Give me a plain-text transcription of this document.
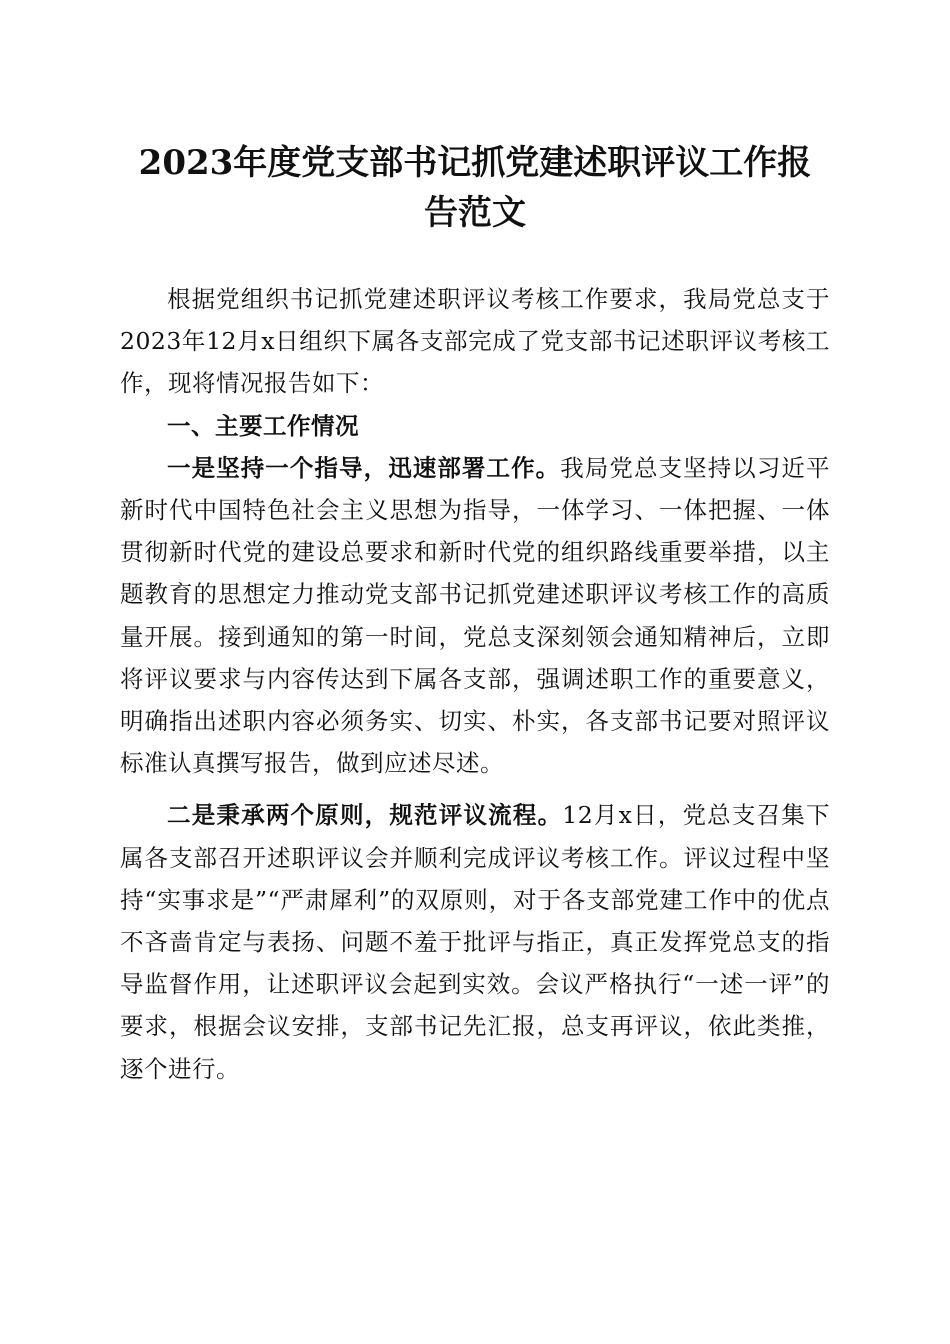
2023年度党支部书记抓党建述职评议工作报
告范文

根据党组织书记抓党建述职评议考核工作要求，我局党总支于2023年12月x日组织下属各支部完成了党支部书记述职评议考核工作，现将情况报告如下：

一、主要工作情况

一是坚持一个指导，迅速部署工作。我局党总支坚持以习近平新时代中国特色社会主义思想为指导，一体学习、一体把握、一体贯彻新时代党的建设总要求和新时代党的组织路线重要举措，以主题教育的思想定力推动党支部书记抓党建述职评议考核工作的高质量开展。接到通知的第一时间，党总支深刻领会通知精神后，立即将评议要求与内容传达到下属各支部，强调述职工作的重要意义，明确指出述职内容必须务实、切实、朴实，各支部书记要对照评议标准认真撰写报告，做到应述尽述。

二是秉承两个原则，规范评议流程。12月x日，党总支召集下属各支部召开述职评议会并顺利完成评议考核工作。评议过程中坚持“实事求是”“严肃犀利”的双原则，对于各支部党建工作中的优点不吝啬肯定与表扬、问题不羞于批评与指正，真正发挥党总支的指导监督作用，让述职评议会起到实效。会议严格执行“一述一评”的要求，根据会议安排，支部书记先汇报，总支再评议，依此类推，逐个进行。
